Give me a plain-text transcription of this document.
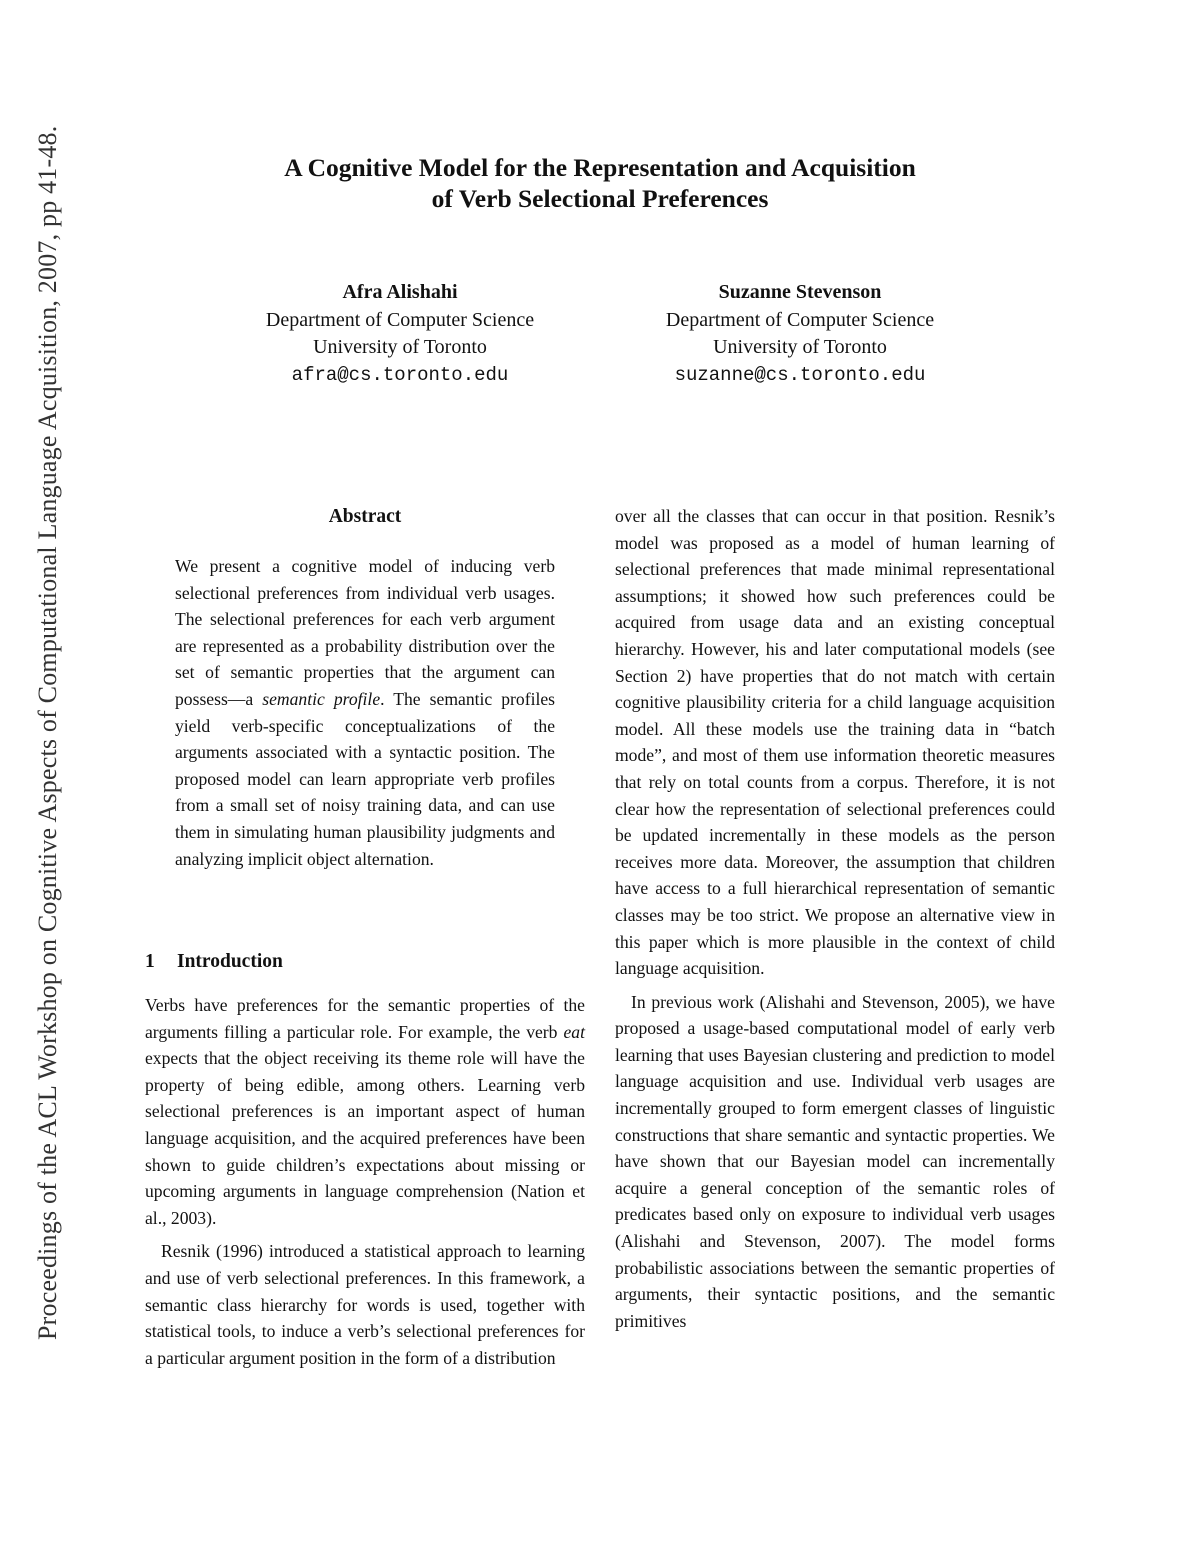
Proceedings of the ACL Workshop on Cognitive Aspects of Computational Language Acquisition, 2007, pp 41-48.	A Cognitive Model for the Representation and Acquisition
of Verb Selectional Preferences
Afra Alishahi
Department of Computer Science
University of Toronto
afra@cs.toronto.edu
Suzanne Stevenson
Department of Computer Science
University of Toronto
suzanne@cs.toronto.edu
Abstract
We present a cognitive model of inducing verb selectional preferences from individual verb usages. The selectional preferences for each verb argument are represented as a probability distribution over the set of semantic properties that the argument can possess—a semantic profile. The semantic profiles yield verb-specific conceptualizations of the arguments associated with a syntactic position. The proposed model can learn appropriate verb profiles from a small set of noisy training data, and can use them in simulating human plausibility judgments and analyzing implicit object alternation.
1 Introduction

Verbs have preferences for the semantic properties of the arguments filling a particular role. For example, the verb eat expects that the object receiving its theme role will have the property of being edible, among others. Learning verb selectional preferences is an important aspect of human language acquisition, and the acquired preferences have been shown to guide children’s expectations about missing or upcoming arguments in language comprehension (Nation et al., 2003).

Resnik (1996) introduced a statistical approach to learning and use of verb selectional preferences. In this framework, a semantic class hierarchy for words is used, together with statistical tools, to induce a verb’s selectional preferences for a particular argument position in the form of a distribution

over all the classes that can occur in that position. Resnik’s model was proposed as a model of human learning of selectional preferences that made minimal representational assumptions; it showed how such preferences could be acquired from usage data and an existing conceptual hierarchy. However, his and later computational models (see Section 2) have properties that do not match with certain cognitive plausibility criteria for a child language acquisition model. All these models use the training data in “batch mode”, and most of them use information theoretic measures that rely on total counts from a corpus. Therefore, it is not clear how the representation of selectional preferences could be updated incrementally in these models as the person receives more data. Moreover, the assumption that children have access to a full hierarchical representation of semantic classes may be too strict. We propose an alternative view in this paper which is more plausible in the context of child language acquisition.

In previous work (Alishahi and Stevenson, 2005), we have proposed a usage-based computational model of early verb learning that uses Bayesian clustering and prediction to model language acquisition and use. Individual verb usages are incrementally grouped to form emergent classes of linguistic constructions that share semantic and syntactic properties. We have shown that our Bayesian model can incrementally acquire a general conception of the semantic roles of predicates based only on exposure to individual verb usages (Alishahi and Stevenson, 2007). The model forms probabilistic associations between the semantic properties of arguments, their syntactic positions, and the semantic primitives
